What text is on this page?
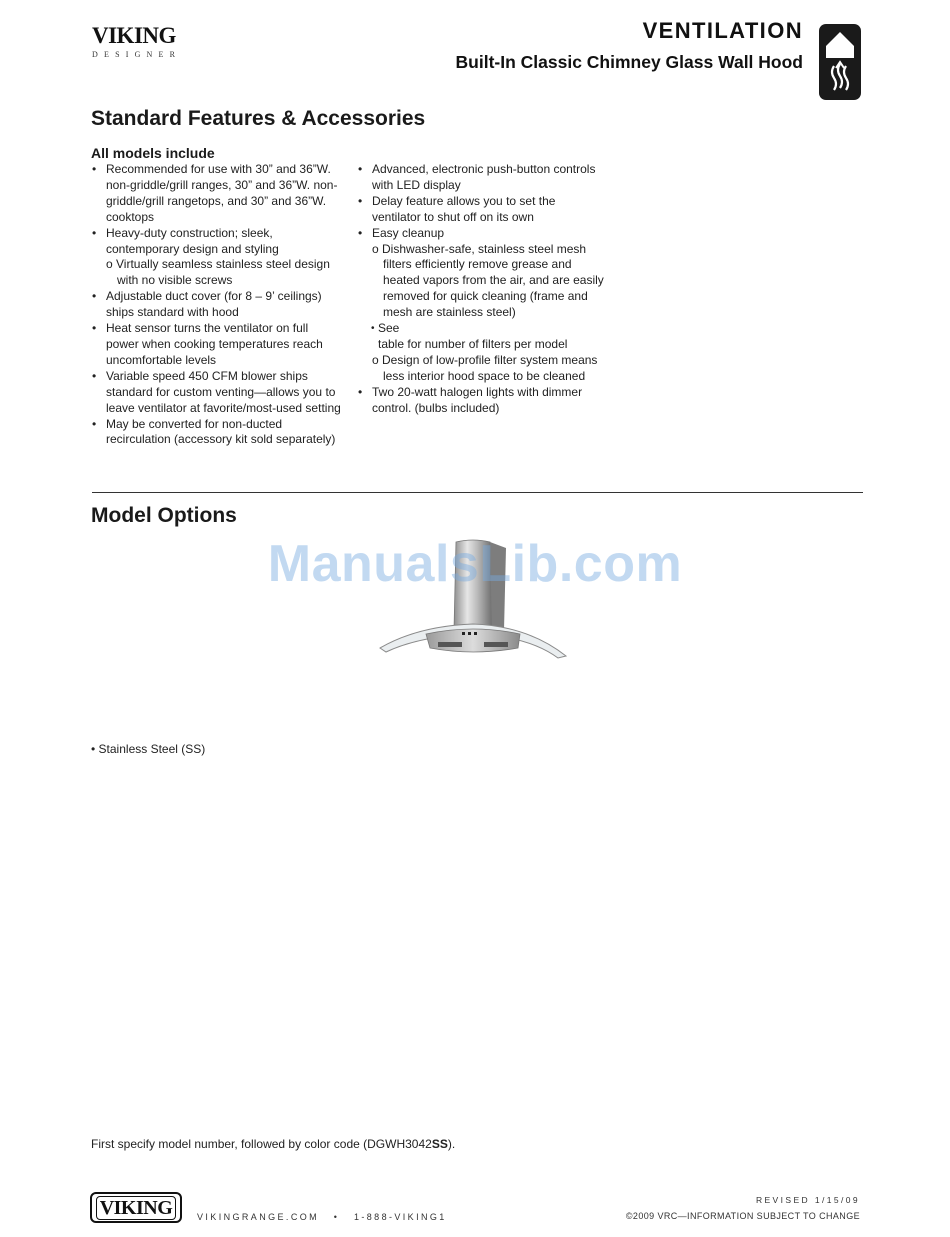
VIKING
DESIGNER
VENTILATION
Built-In Classic Chimney Glass Wall Hood
Standard Features & Accessories
All models include
• Recommended for use with 30” and 36”W. non-griddle/grill ranges, 30” and 36”W. non-griddle/grill rangetops, and 30” and 36”W. cooktops
• Heavy-duty construction; sleek, contemporary design and styling
o Virtually seamless stainless steel design with no visible screws
• Adjustable duct cover (for 8 – 9’ ceilings) ships standard with hood
• Heat sensor turns the ventilator on full power when cooking temperatures reach uncomfortable levels
• Variable speed 450 CFM blower ships standard for custom venting—allows you to leave ventilator at favorite/most-used setting
• May be converted for non-ducted recirculation (accessory kit sold separately)
• Advanced, electronic push-button controls with LED display
• Delay feature allows you to set the ventilator to shut off on its own
• Easy cleanup
o Dishwasher-safe, stainless steel mesh filters efficiently remove grease and heated vapors from the air, and are easily removed for quick cleaning (frame and mesh are stainless steel)
• See
table for number of filters per model
o Design of low-profile filter system means less interior hood space to be cleaned
• Two 20-watt halogen lights with dimmer control. (bulbs included)
Model Options
ManualsLib.com
• Stainless Steel (SS)
First specify model number, followed by color code (DGWH3042SS).
VIKING	VIKINGRANGE.COM   •   1-888-VIKING1
REVISED 1/15/09
©2009 VRC—INFORMATION SUBJECT TO CHANGE
